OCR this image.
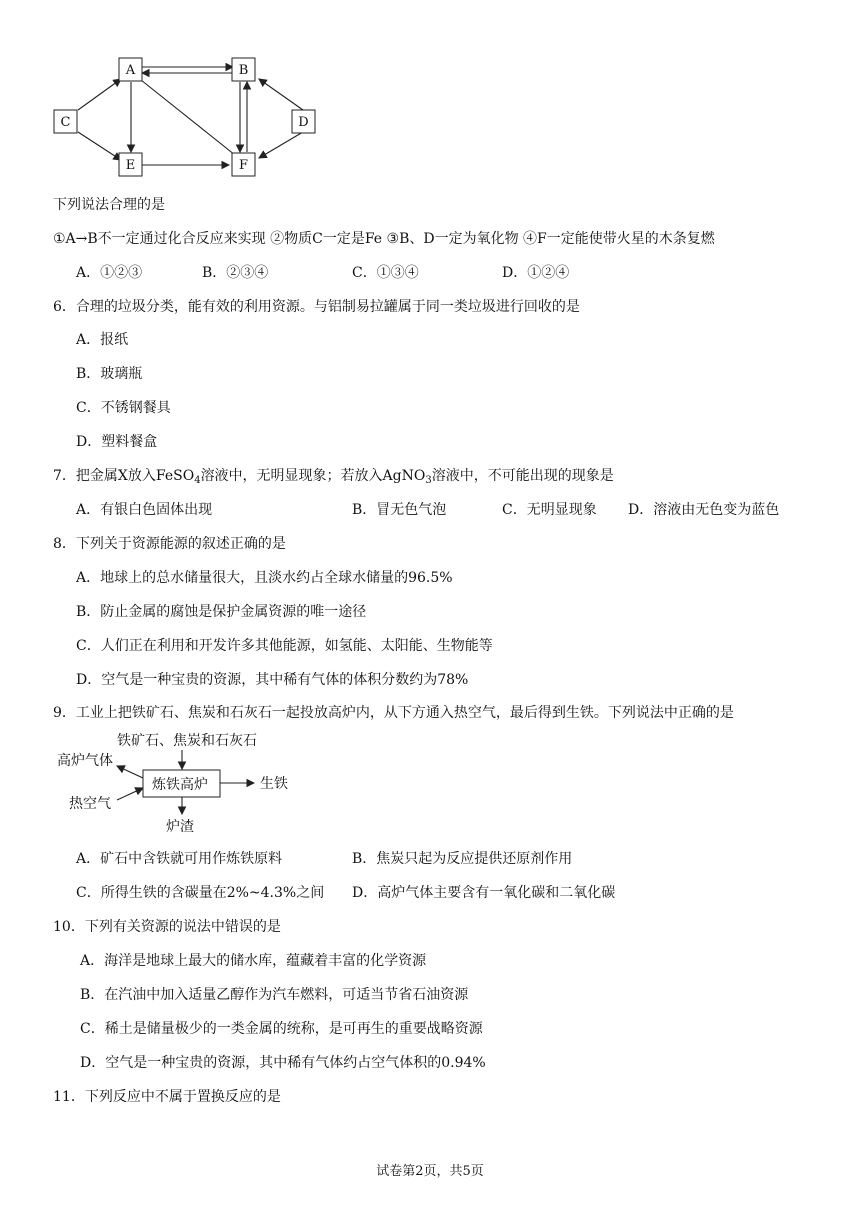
A	B
C	D
E	F
下列说法合理的是
①A→B不一定通过化合反应来实现 ②物质C一定是Fe ③B、D一定为氧化物 ④F一定能使带火星的木条复燃
A．①②③	B．②③④	C．①③④	D．①②④
6．合理的垃圾分类，能有效的利用资源。与铝制易拉罐属于同一类垃圾进行回收的是
A．报纸
B．玻璃瓶
C．不锈钢餐具
D．塑料餐盒
7．把金属X放入FeSO$_4$溶液中，无明显现象；若放入AgNO$_3$溶液中，不可能出现的现象是
A．有银白色固体出现	B．冒无色气泡	C．无明显现象 D．溶液由无色变为蓝色
8．下列关于资源能源的叙述正确的是
A．地球上的总水储量很大，且淡水约占全球水储量的96.5%
B．防止金属的腐蚀是保护金属资源的唯一途径
C．人们正在利用和开发许多其他能源，如氢能、太阳能、生物能等
D．空气是一种宝贵的资源，其中稀有气体的体积分数约为78%
9．工业上把铁矿石、焦炭和石灰石一起投放高炉内，从下方通入热空气，最后得到生铁。下列说法中正确的是
铁矿石、焦炭和石灰石
炼铁高炉
高炉气体
热空气
生铁
炉渣
A．矿石中含铁就可用作炼铁原料	B．焦炭只起为反应提供还原剂作用
C．所得生铁的含碳量在2%~4.3%之间 D．高炉气体主要含有一氧化碳和二氧化碳
10．下列有关资源的说法中错误的是
A．海洋是地球上最大的储水库，蕴藏着丰富的化学资源
B．在汽油中加入适量乙醇作为汽车燃料，可适当节省石油资源
C．稀土是储量极少的一类金属的统称，是可再生的重要战略资源
D．空气是一种宝贵的资源，其中稀有气体约占空气体积的0.94%
11．下列反应中不属于置换反应的是
试卷第2页，共5页
